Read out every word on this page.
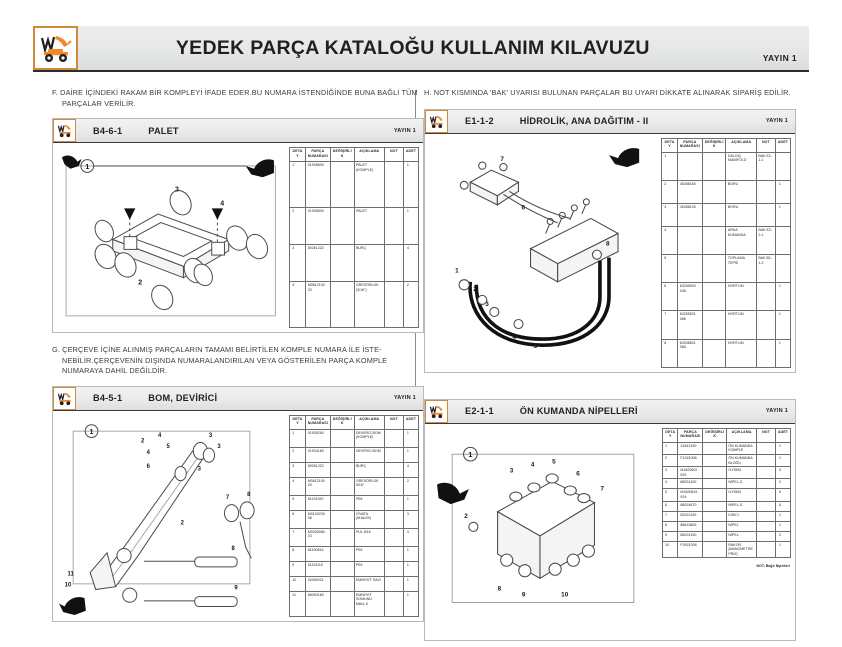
YEDEK PARÇA KATALOĞU KULLANIM KILAVUZU	YAYIN 1
F. DAİRE İÇİNDEKİ RAKAM BİR KOMPLEYİ İFADE EDER.BU NUMARA İSTENDİĞİNDE BUNA BAĞLI TÜM PARÇALAR VERİLİR.
B4-6-1	PALET	YAYIN 1
1
3
4
2
DETAY	PARÇA NUMARASI	DEĞİŞİRLİK	AÇIKLAMA	NOT	ADET
1	01936600		PALET (KOMPLE)		1
2	01936500		PALET		1
3	80261222		BURÇ		4
4	M0612100 20		GRESÖRLÜK (3/16")		2
G. ÇERÇEVE İÇİNE ALINMIŞ PARÇALARIN TAMAMI BELİRTİLEN KOMPLE NUMARA İLE İSTE-NEBİLİR.ÇERÇEVENİN DIŞINDA NUMARALANDIRILAN VEYA GÖSTERİLEN PARÇA KOMPLE NUMARAYA DAHİL DEĞİLDİR.
B4-5-1	BOM, DEVİRİCİ	YAYIN 1
1
2
4
5
4
3
3
6	3
2
7	8
8
9
11
10
DETAY	PARÇA NUMARASI	DEĞİŞİRLİK	AÇIKLAMA	NOT	ADET
1	01935260		DEVİRİCİ BOM (KOMPLE)		1
2	01934160		DEVİRİCİ BOM		1
3	80261222		BURÇ		4
4	M0612100 20		GRESÖRLÜK 5/16"		2
5	51191920		PİM		1
6	M0100230 06		CİVATA (M16x20)		3
7	M0325080 23		PUL Ø16		3
8	81190816		PİM		1
9	51191110		PİM		1
10	02090221		EMNİYET SACI		1
11	88493160		EMNİYET SOMUNU M8x1.5		1
H. NOT KISMINDA 'BAK' UYARISI BULUNAN PARÇALAR BU UYARI DİKKATE ALINARAK SİPARİŞ EDİLİR.
E1-1-2	HİDROLİK, ANA DAĞITIM - II	YAYIN 1
1
2
3
4
5
6
7
8
DETAY	PARÇA NUMARASI	DEĞİŞİRLİK	AÇIKLAMA	NOT	ADET
1			DALGIÇ MANİFOLD	BAK E2-1-1	
2	45288160		BORU		1
3	45288130		BORU		1
4			ARKA KUMANDA	BAK E2-2-1	
5			TOPLAMA TEPSİ	BAK B1-1-2	
6	63255520 048		HORTUM		1
7	63255521 068		HORTUM		1
8	63208821 068		HORTUM		1
E2-1-1	ÖN KUMANDA NİPELLERİ	YAYIN 1
1
2
3
4	5
6
7
8
9	10
DETAY	PARÇA NUMARASI	DEĞİŞİRLİK	AÇIKLAMA	NOT	ADET
1	31643150		ÖN KUMANDA KOMPLE		1
2	F1921008		ÖN KUMANDA BLOĞU		1
3	M1820602 529		O-RİNG		4
4	88024150		NİPEL-S		2
5	M1820819 924		O-RİNG		6
6	88024870		NİPEL-S		6
7	82022169		KISICI		1
8	88613805		NİPEL		1
9	88024150		NİPEL		2
10	F0921008		RAKOR (MANOMETRE PRİZ)		1
NOT: Bağlı Nipelleri
